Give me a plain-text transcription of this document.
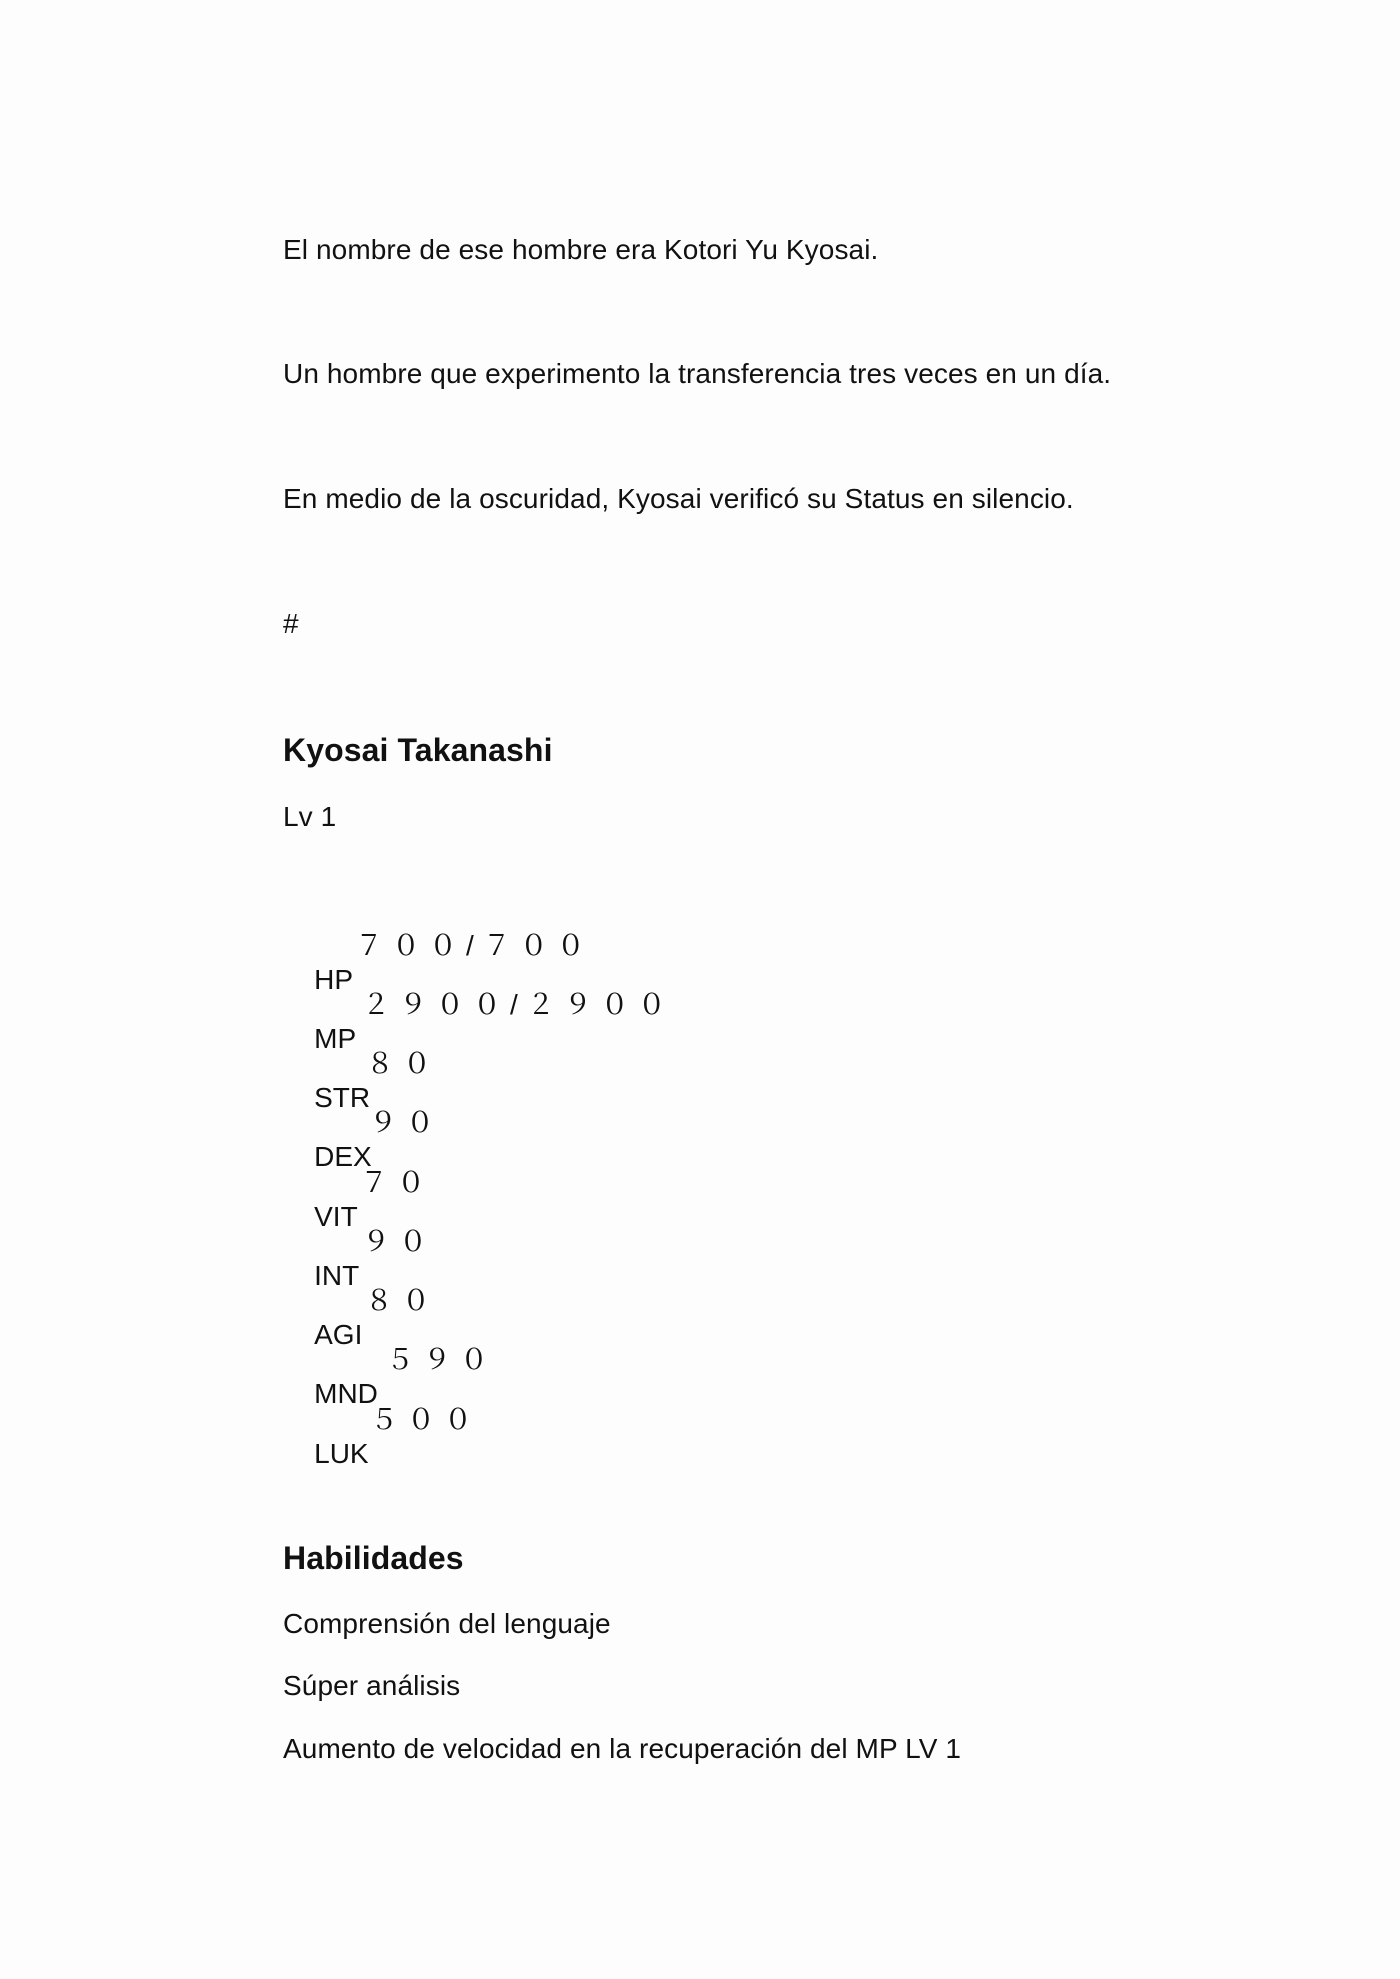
El nombre de ese hombre era Kotori Yu Kyosai.
Un hombre que experimento la transferencia tres veces en un día.
En medio de la oscuridad, Kyosai verificó su Status en silencio.
#
Kyosai Takanashi
Lv 1

HP

７００/７００

MP

２９００/２９００

STR

８０

DEX

９０

VIT

７０

INT

９０

AGI

８０

MND

５９０

LUK

５００

Habilidades
Comprensión del lenguaje
Súper análisis
Aumento de velocidad en la recuperación del MP LV 1
